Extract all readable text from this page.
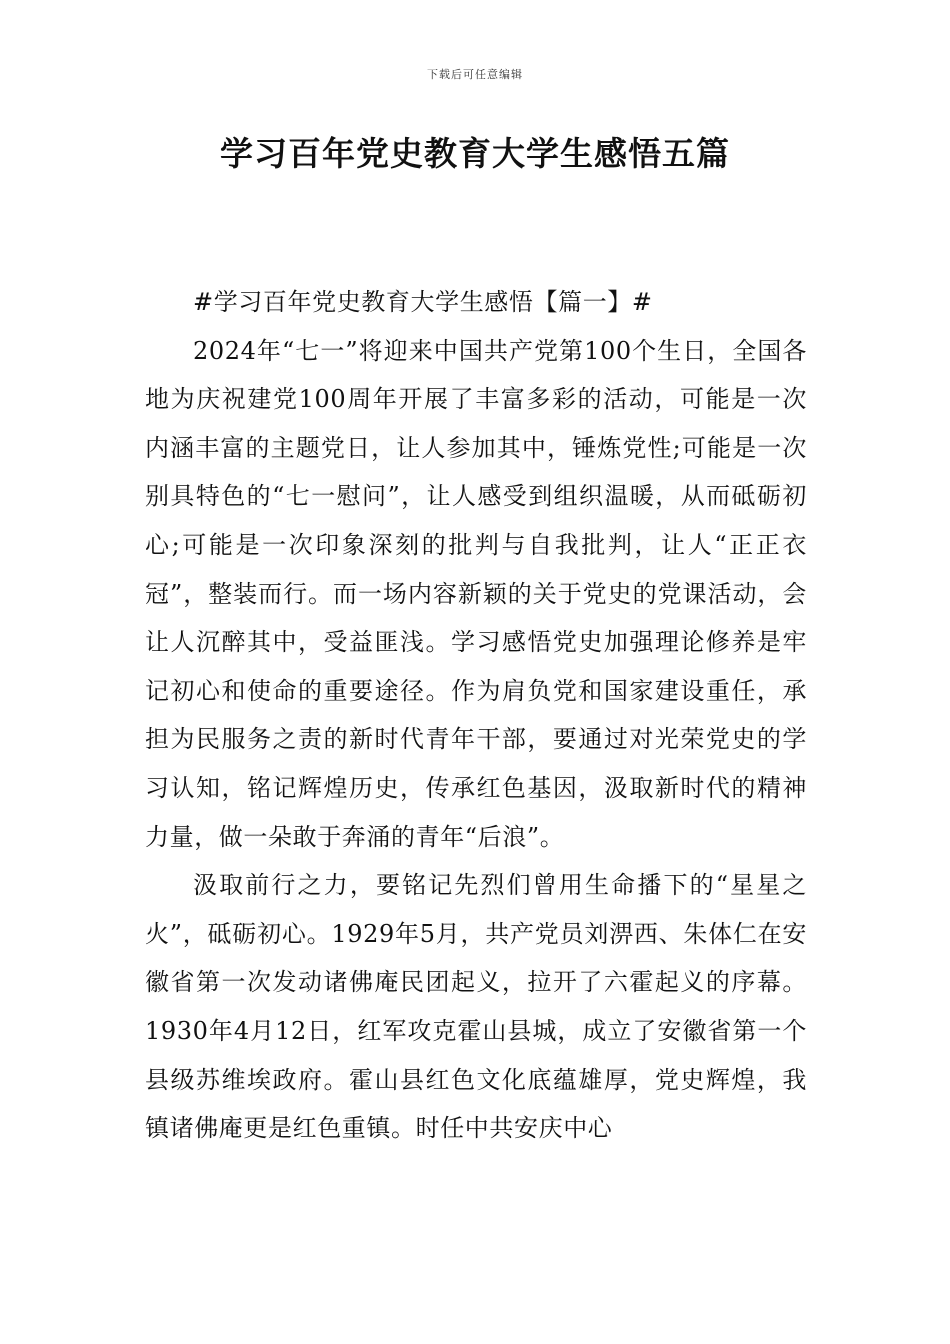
下载后可任意编辑
学习百年党史教育大学生感悟五篇

#学习百年党史教育大学生感悟【篇一】#

2024年“七一”将迎来中国共产党第100个生日，全国各地为庆祝建党100周年开展了丰富多彩的活动，可能是一次内涵丰富的主题党日，让人参加其中，锤炼党性;可能是一次别具特色的“七一慰问”，让人感受到组织温暖，从而砥砺初心;可能是一次印象深刻的批判与自我批判，让人“正正衣冠”，整装而行。而一场内容新颖的关于党史的党课活动，会让人沉醉其中，受益匪浅。学习感悟党史加强理论修养是牢记初心和使命的重要途径。作为肩负党和国家建设重任，承担为民服务之责的新时代青年干部，要通过对光荣党史的学习认知，铭记辉煌历史，传承红色基因，汲取新时代的精神力量，做一朵敢于奔涌的青年“后浪”。

汲取前行之力，要铭记先烈们曾用生命播下的“星星之火”，砥砺初心。1929年5月，共产党员刘淠西、朱体仁在安徽省第一次发动诸佛庵民团起义，拉开了六霍起义的序幕。1930年4月12日，红军攻克霍山县城，成立了安徽省第一个县级苏维埃政府。霍山县红色文化底蕴雄厚，党史辉煌，我镇诸佛庵更是红色重镇。时任中共安庆中心
